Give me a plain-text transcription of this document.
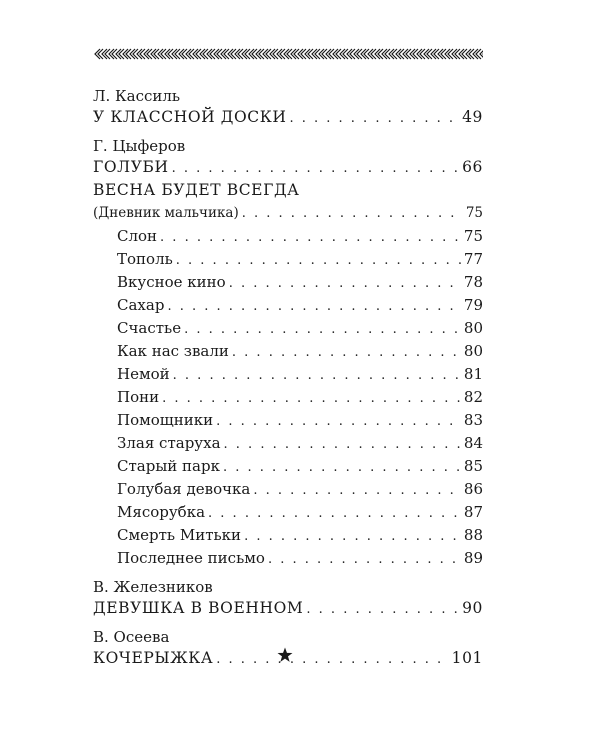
Л. Кассиль
У КЛАССНОЙ ДОСКИ . . .	49
Г. Цыферов
ГОЛУБИ . . .	66
ВЕСНА БУДЕТ ВСЕГДА
(Дневник мальчика) . . .	75
Слон . . .	75
Тополь . . .	77
Вкусное кино . . .	78
Сахар . . .	79
Счастье . . .	80
Как нас звали . . .	80
Немой . . .	81
Пони . . .	82
Помощники . . .	83
Злая старуха . . .	84
Старый парк . . .	85
Голубая девочка . . .	86
Мясорубка . . .	87
Смерть Митьки . . .	88
Последнее письмо . . .	89
В. Железников
ДЕВУШКА В ВОЕННОМ . . .	90
В. Осеева
КОЧЕРЫЖКА . . .	101
